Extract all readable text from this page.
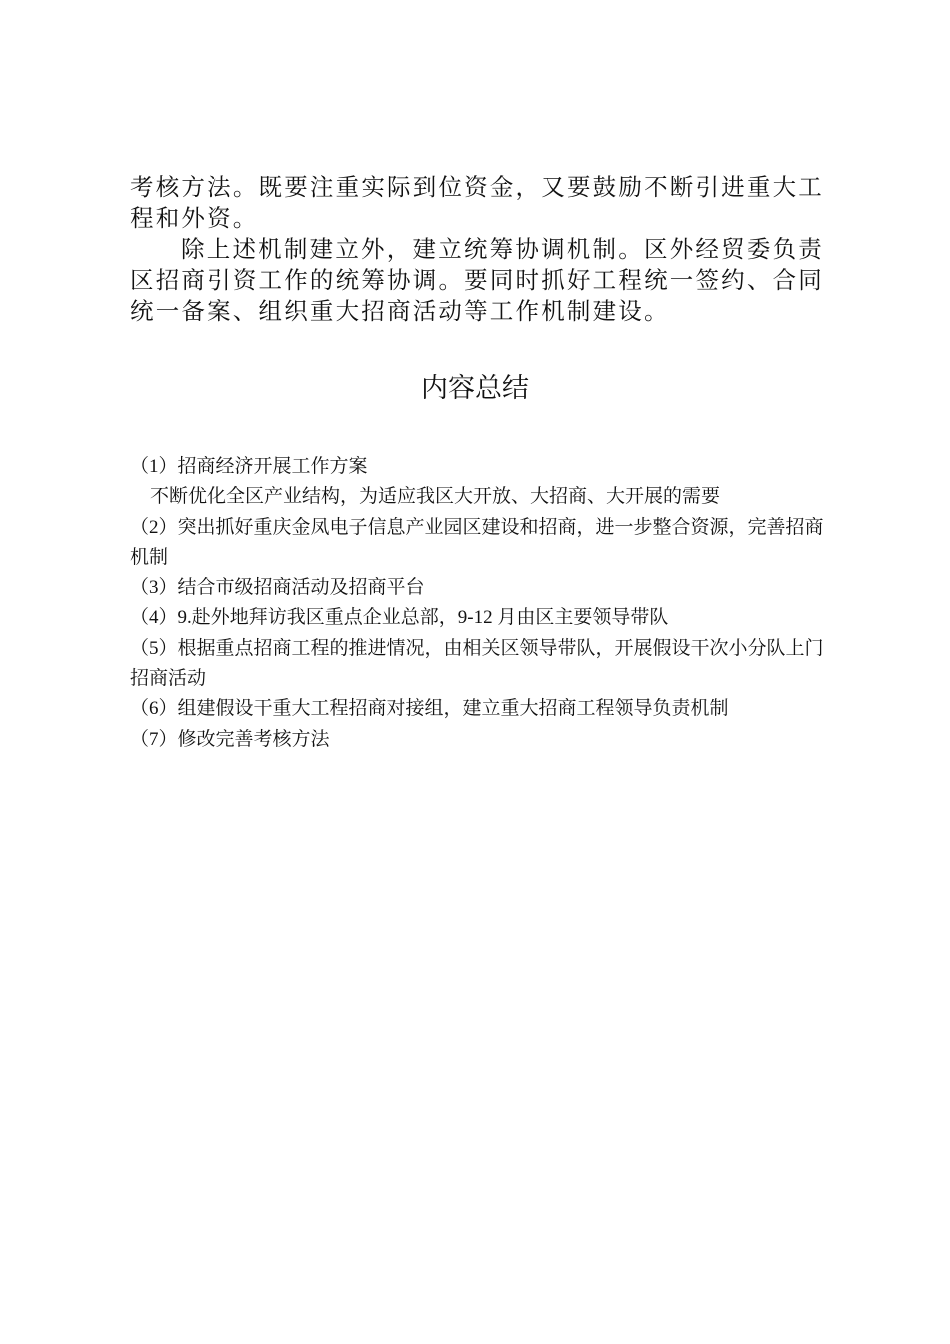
考核方法。既要注重实际到位资金，又要鼓励不断引进重大工程和外资。

除上述机制建立外，建立统筹协调机制。区外经贸委负责区招商引资工作的统筹协调。要同时抓好工程统一签约、合同统一备案、组织重大招商活动等工作机制建设。

内容总结

（1）招商经济开展工作方案

不断优化全区产业结构，为适应我区大开放、大招商、大开展的需要

（2）突出抓好重庆金凤电子信息产业园区建设和招商，进一步整合资源，完善招商机制

（3）结合市级招商活动及招商平台

（4）9.赴外地拜访我区重点企业总部，9-12 月由区主要领导带队

（5）根据重点招商工程的推进情况，由相关区领导带队，开展假设干次小分队上门招商活动

（6）组建假设干重大工程招商对接组，建立重大招商工程领导负责机制

（7）修改完善考核方法
